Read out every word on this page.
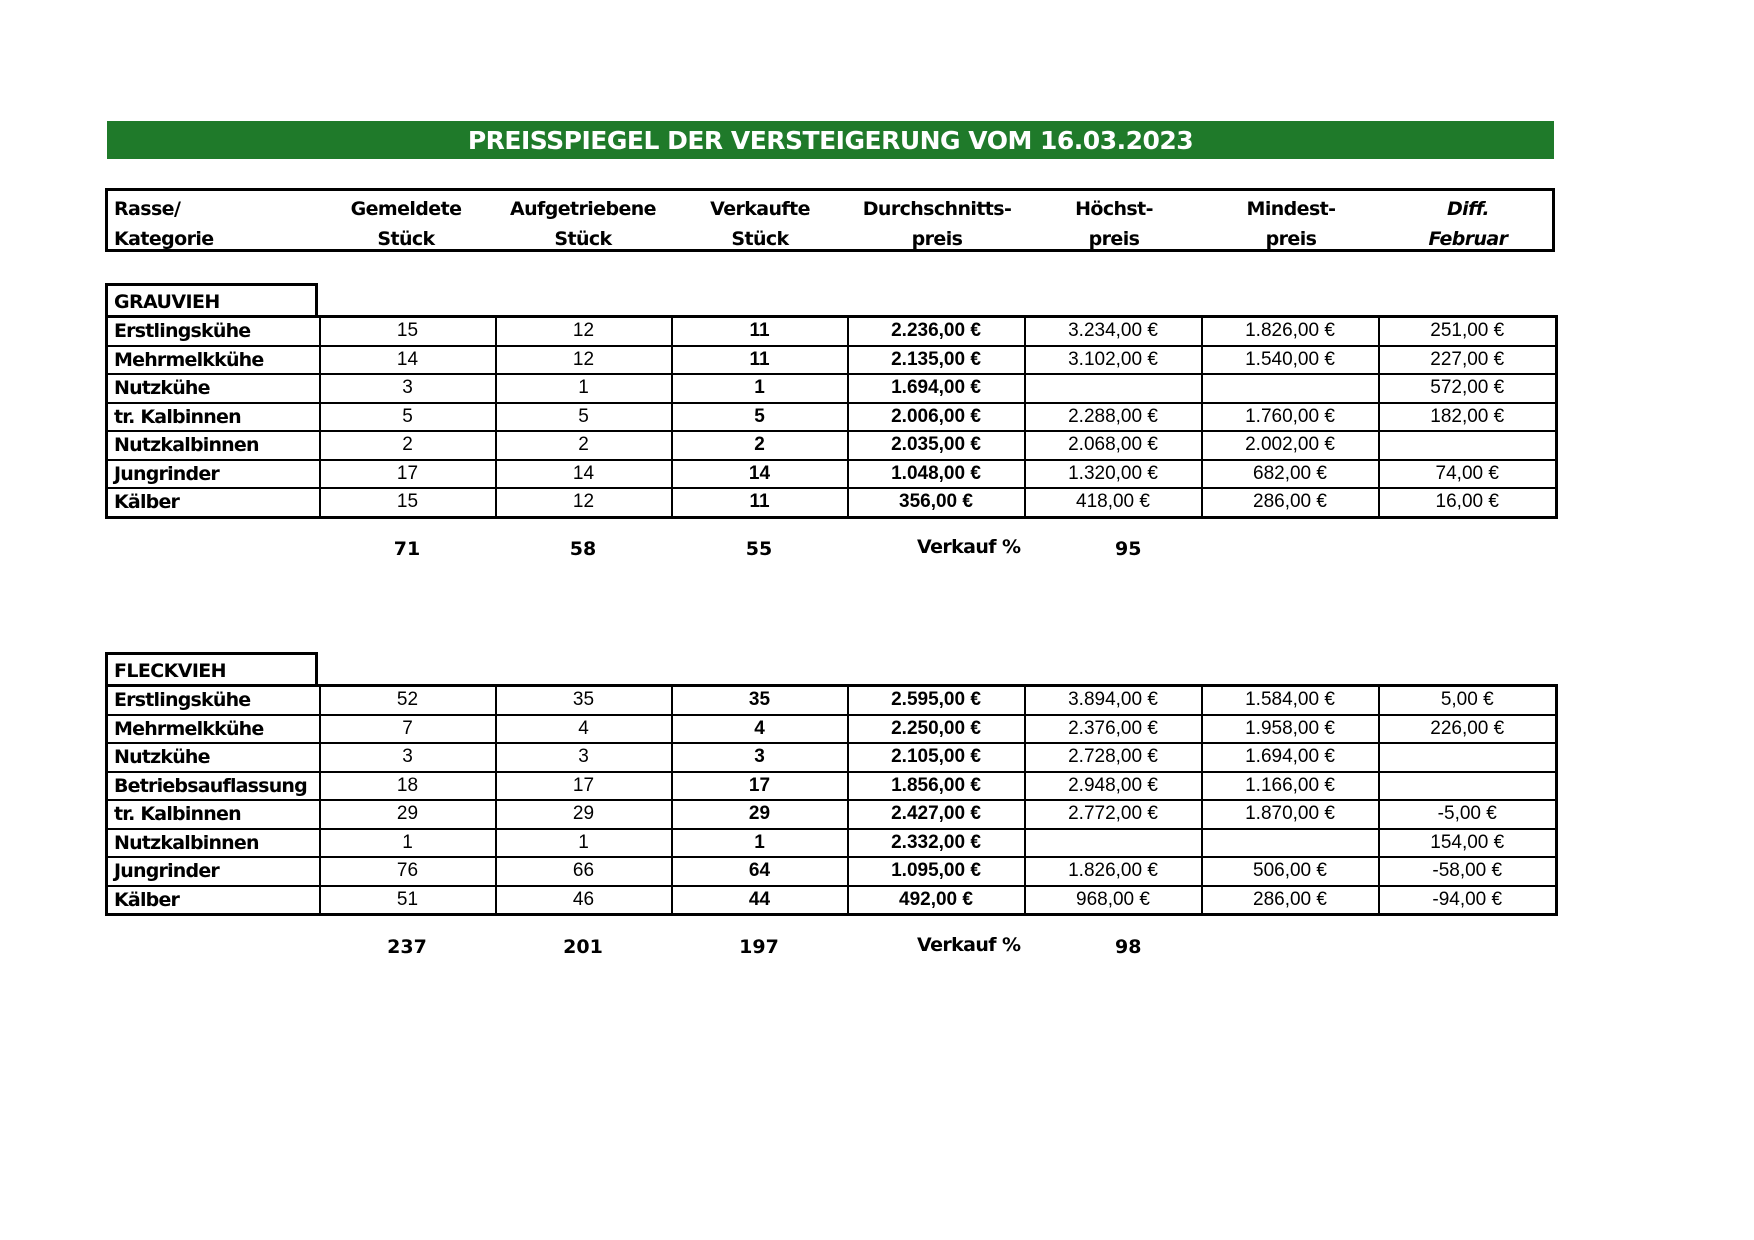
PREISSPIEGEL DER VERSTEIGERUNG VOM 16.03.2023
Rasse/
Kategorie
Gemeldete
Stück
Aufgetriebene
Stück
Verkaufte
Stück
Durchschnitts-
preis
Höchst-
preis
Mindest-
preis
Diff.
Februar
GRAUVIEH
Erstlingskühe	15	12	11	2.236,00 €	3.234,00 €	1.826,00 €	251,00 €
Mehrmelkkühe	14	12	11	2.135,00 €	3.102,00 €	1.540,00 €	227,00 €
Nutzkühe	3	1	1	1.694,00 €			572,00 €
tr. Kalbinnen	5	5	5	2.006,00 €	2.288,00 €	1.760,00 €	182,00 €
Nutzkalbinnen	2	2	2	2.035,00 €	2.068,00 €	2.002,00 €	
Jungrinder	17	14	14	1.048,00 €	1.320,00 €	682,00 €	74,00 €
Kälber	15	12	11	356,00 €	418,00 €	286,00 €	16,00 €
71	58	55	Verkauf %	95
FLECKVIEH
Erstlingskühe	52	35	35	2.595,00 €	3.894,00 €	1.584,00 €	5,00 €
Mehrmelkkühe	7	4	4	2.250,00 €	2.376,00 €	1.958,00 €	226,00 €
Nutzkühe	3	3	3	2.105,00 €	2.728,00 €	1.694,00 €	
Betriebsauflassung	18	17	17	1.856,00 €	2.948,00 €	1.166,00 €	
tr. Kalbinnen	29	29	29	2.427,00 €	2.772,00 €	1.870,00 €	-5,00 €
Nutzkalbinnen	1	1	1	2.332,00 €			154,00 €
Jungrinder	76	66	64	1.095,00 €	1.826,00 €	506,00 €	-58,00 €
Kälber	51	46	44	492,00 €	968,00 €	286,00 €	-94,00 €
237	201	197	Verkauf %	98
